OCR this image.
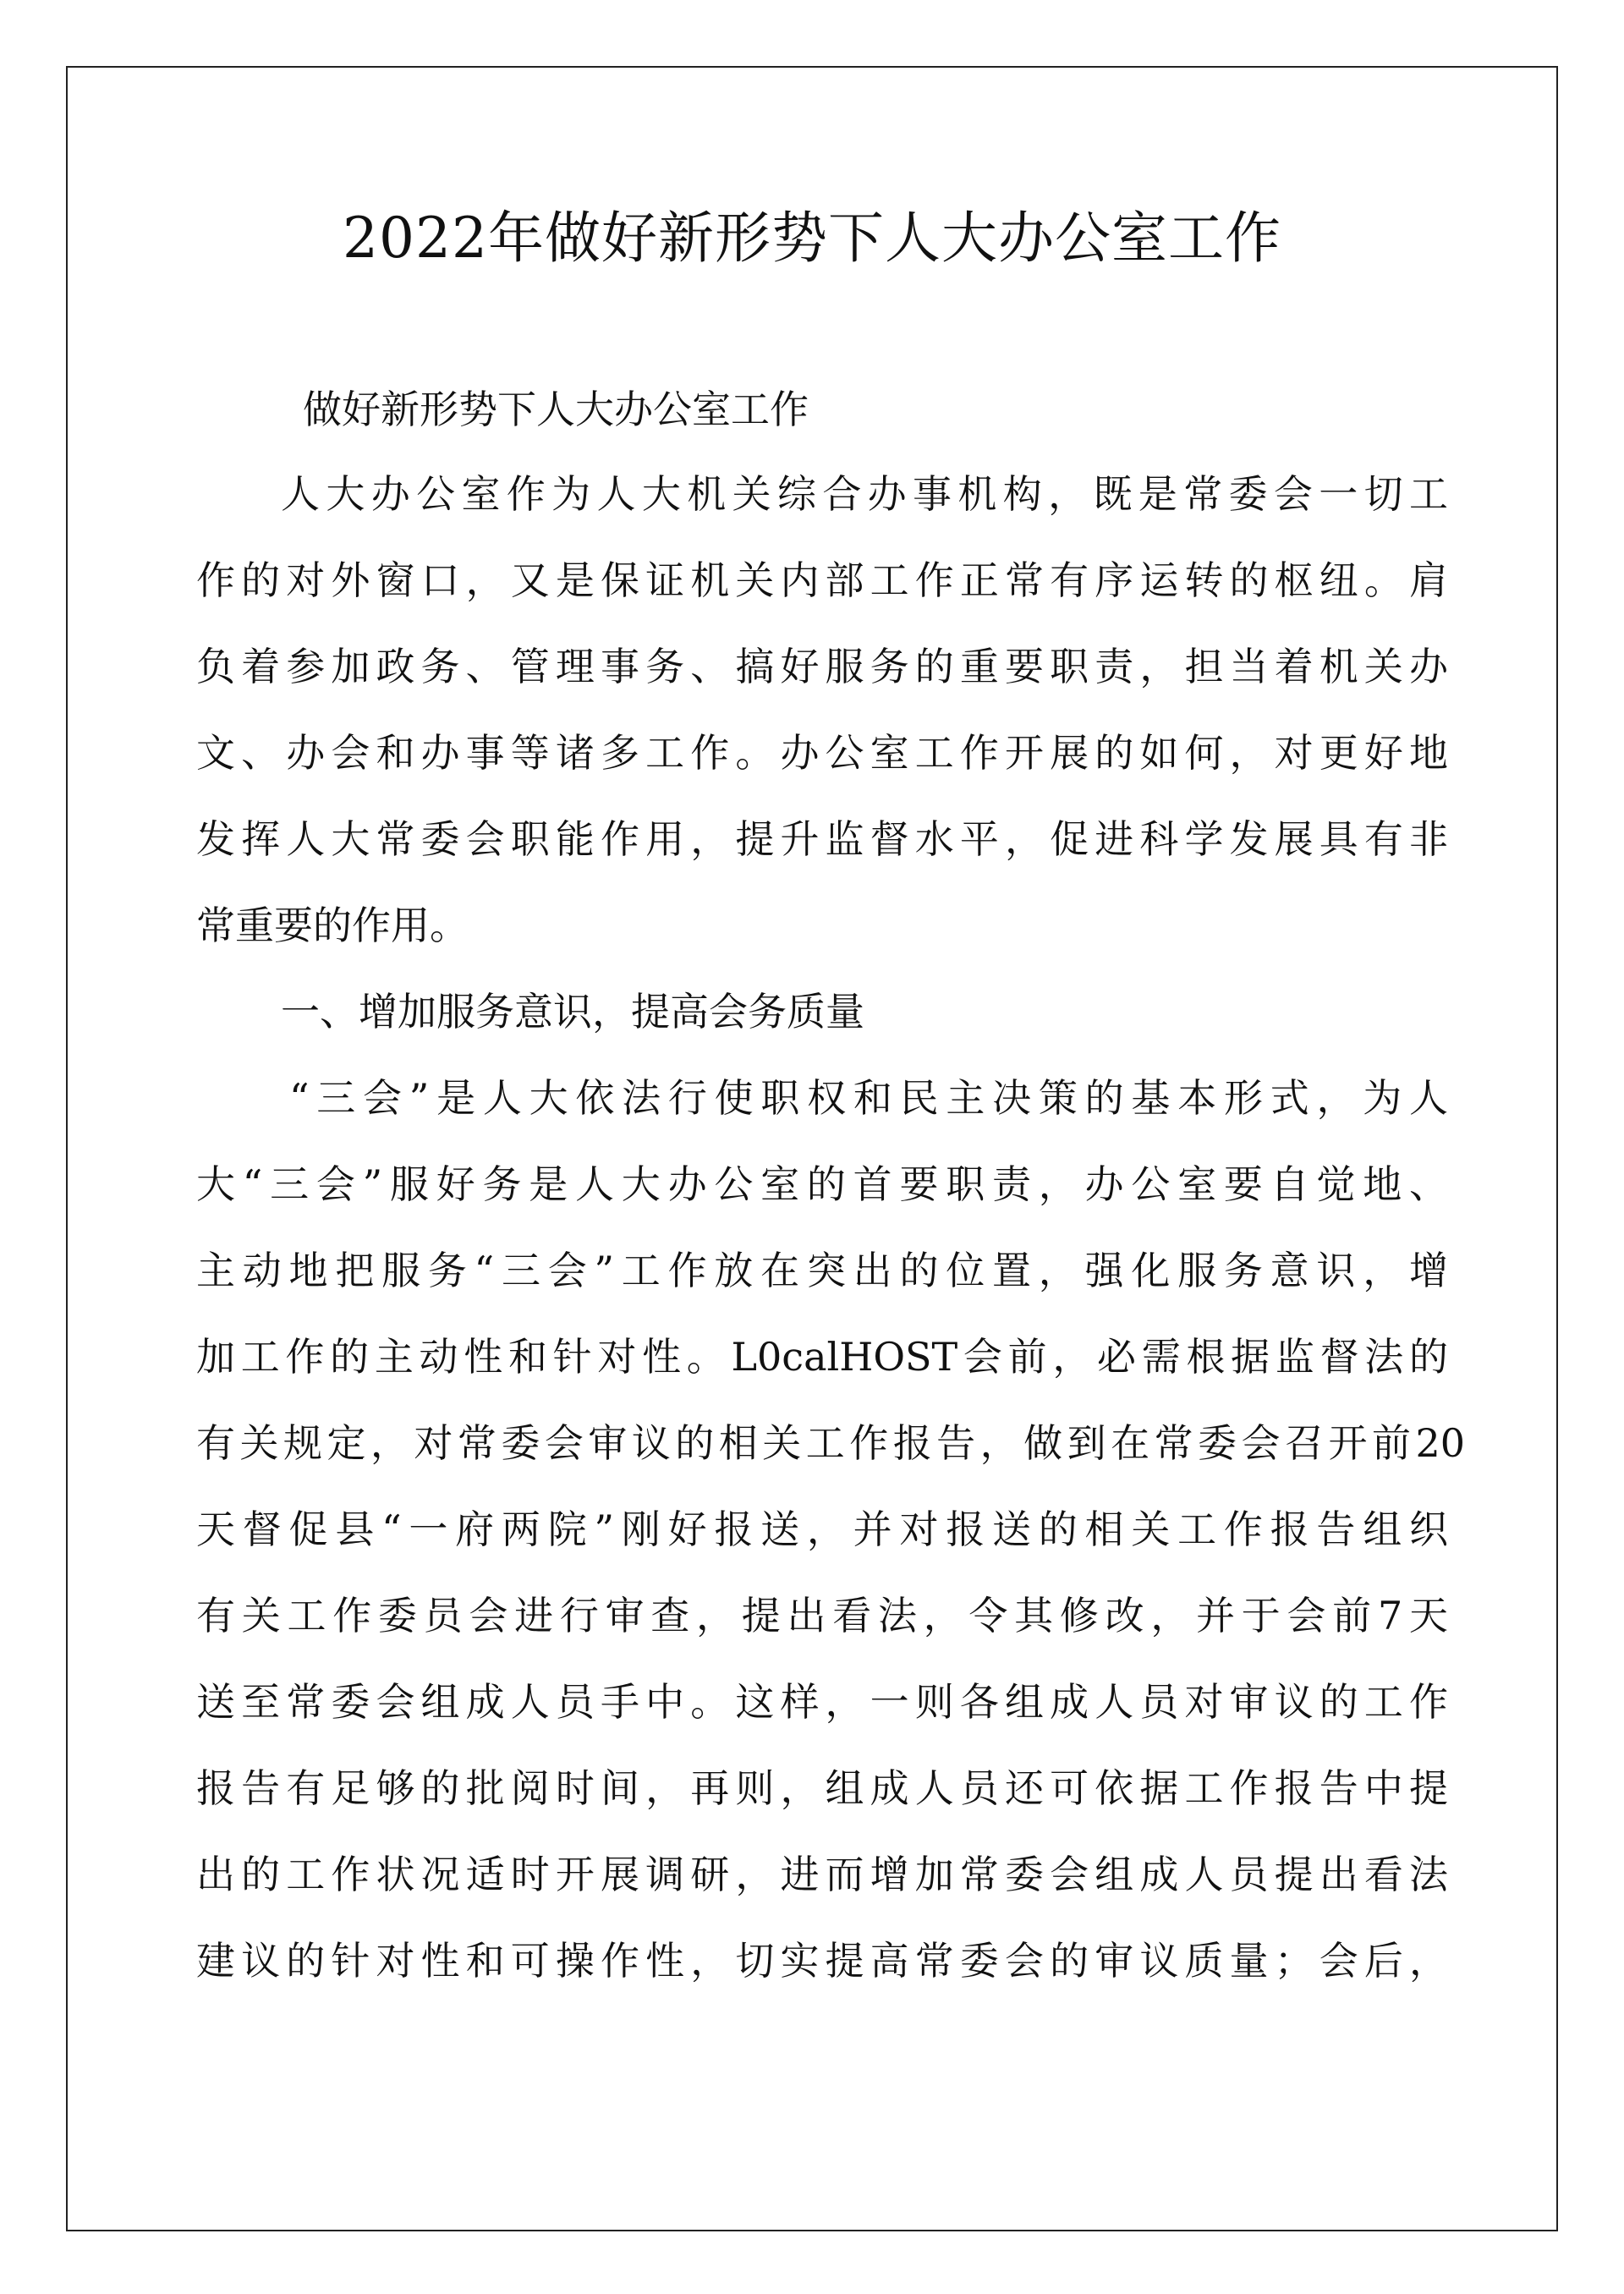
2022年做好新形势下人大办公室工作

做好新形势下人大办公室工作

人大办公室作为人大机关综合办事机构，既是常委会一切工

作的对外窗口，又是保证机关内部工作正常有序运转的枢纽。肩

负着参加政务、管理事务、搞好服务的重要职责，担当着机关办

文、办会和办事等诸多工作。办公室工作开展的如何，对更好地

发挥人大常委会职能作用，提升监督水平，促进科学发展具有非

常重要的作用。

一、增加服务意识，提高会务质量

“三会”是人大依法行使职权和民主决策的基本形式，为人

大“三会”服好务是人大办公室的首要职责，办公室要自觉地、

主动地把服务“三会”工作放在突出的位置，强化服务意识，增

加工作的主动性和针对性。L0calHOST会前，必需根据监督法的

有关规定，对常委会审议的相关工作报告，做到在常委会召开前20

天督促县“一府两院”刚好报送，并对报送的相关工作报告组织

有关工作委员会进行审查，提出看法，令其修改，并于会前7天

送至常委会组成人员手中。这样，一则各组成人员对审议的工作

报告有足够的批阅时间，再则，组成人员还可依据工作报告中提

出的工作状况适时开展调研，进而增加常委会组成人员提出看法

建议的针对性和可操作性，切实提高常委会的审议质量；会后，
